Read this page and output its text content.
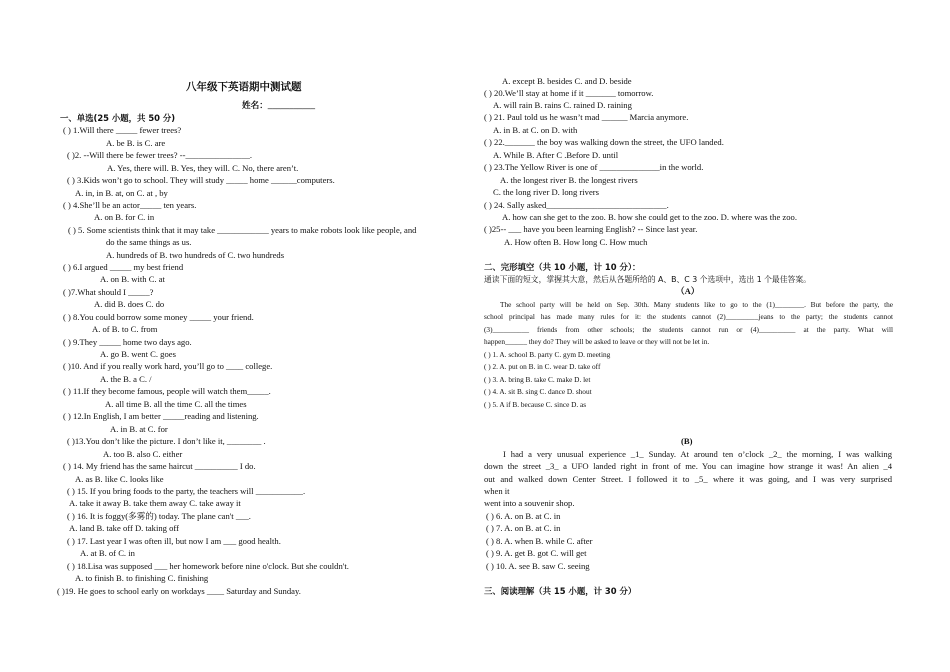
八年级下英语期中测试题
姓名：___________
一、单选(25 小题，共 50 分)
( ) 1.Will there _____ fewer trees?
A. be B. is C. are
( )2. --Will there be fewer trees? --_______________.
A. Yes, there will. B. Yes, they will. C. No, there aren’t.
( ) 3.Kids won’t go to school. They will study _____ home ______computers.
A. in, in B. at, on C. at , by
( ) 4.She’ll be an actor_____ ten years.
A. on B. for C. in
( ) 5. Some scientists think that it may take ____________ years to make robots look like people, and
do the same things as us.
A. hundreds of B. two hundreds of C. two hundreds
( ) 6.I argued _____ my best friend
A. on B. with C. at
( )7.What should I _____?
A. did B. does C. do
( ) 8.You could borrow some money _____ your friend.
A. of B. to C. from
( ) 9.They _____ home two days ago.
A. go B. went C. goes
( )10. And if you really work hard, you’ll go to ____ college.
A. the B. a C. /
( ) 11.If they become famous, people will watch them_____.
A. all time B. all the time C. all the times
( ) 12.In English, I am better _____reading and listening.
A. in B. at C. for
( )13.You don’t like the picture. I don’t like it, ________ .
A. too B. also C. either
( ) 14. My friend has the same haircut __________ I do.
A. as B. like C. looks like
( ) 15. If you bring foods to the party, the teachers will ___________.
A. take it away B. take them away C. take away it
( ) 16. It is foggy(多雾的) today. The plane can't ___.
A. land B. take off D. taking off
( ) 17. Last year I was often ill, but now I am ___ good health.
A. at B. of C. in
( ) 18.Lisa was supposed ___ her homework before nine o'clock. But she couldn't.
A. to finish B. to finishing C. finishing
( )19. He goes to school early on workdays ____ Saturday and Sunday.
A. except B. besides C. and D. beside
( ) 20.We’ll stay at home if it _______ tomorrow.
A. will rain B. rains C. rained D. raining
( ) 21. Paul told us he wasn’t mad ______ Marcia anymore.
A. in B. at C. on D. with
( ) 22._______ the boy was walking down the street, the UFO landed.
A. While B. After C .Before D. until
( ) 23.The Yellow River is one of ______________in the world.
A. the longest river B. the longest rivers
C. the long river D. long rivers
( ) 24. Sally asked____________________________.
A. how can she get to the zoo. B. how she could get to the zoo. D. where was the zoo.
( )25-- ___ have you been learning English? -- Since last year.
A. How often B. How long C. How much
二、完形填空（共 10 小题，计 10 分）：
通读下面的短文，掌握其大意，然后从各题所给的 A、B、C 3 个选项中，选出 1 个最佳答案。
（A）
The school party will be held on Sep. 30th. Many students like to go to the (1)________. But before the party, the
school principal has made many rules for it: the students cannot (2)_________jeans to the party; the students cannot
(3)__________ friends from other schools; the students cannot run or (4)__________ at the party. What will
happen______ they do? They will be asked to leave or they will not be let in.
( ) 1. A. school B. party C. gym D. meeting
( ) 2. A. put on B. in C. wear D. take off
( ) 3. A. bring B. take C. make D. let
( ) 4. A. sit B. sing C. dance D. shout
( ) 5. A if B. because C. since D. as
(B)
I had a very unusual experience _1_ Sunday. At around ten o’clock _2_ the morning, I was walking
down the street _3_ a UFO landed right in front of me. You can imagine how strange it was! An alien _4
out and walked down Center Street. I followed it to _5_ where it was going, and I was very surprised
when it
went into a souvenir shop.
( ) 6. A. on B. at C. in
( ) 7. A. on B. at C. in
( ) 8. A. when B. while C. after
( ) 9. A. get B. got C. will get
( ) 10. A. see B. saw C. seeing
三、阅读理解（共 15 小题，计 30 分）
